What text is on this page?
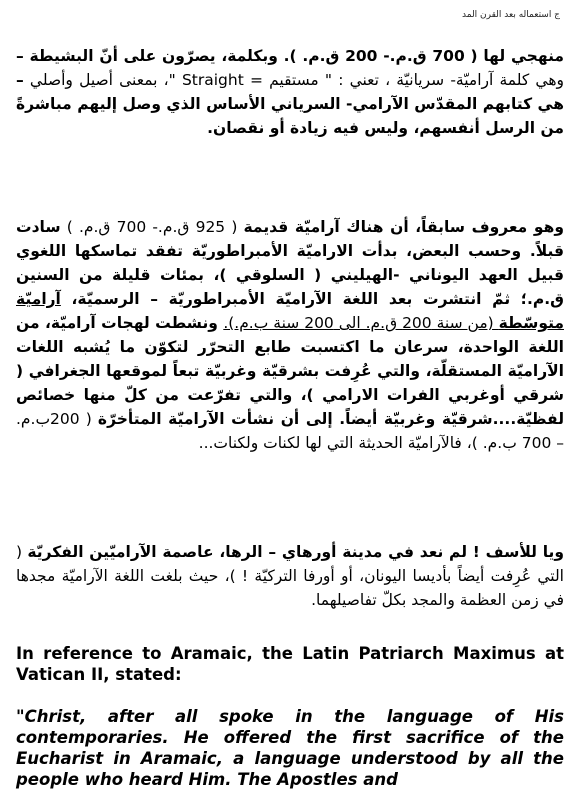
ج استعماله بعد القرن المد

منهجي لها ( 700 ق.م.- 200 ق.م. ). وبكلمة، يصرّون على أنّ البشيطة – وهي كلمة آراميّة- سريانيّة ، تعني : " مستقيم = Straight "، بمعنى أصيل وأصلي – هي كتابهم المقدّس الآرامي- السرياني الأساس الذي وصل إليهم مباشرةً من الرسل أنفسهم، وليس فيه زيادة أو نقصان.

وهو معروف سابقاً، أن هناك آراميّة قديمة ( 925 ق.م.- 700 ق.م. ) سادت قبلاً. وحسب البعض، بدأت الاراميّة الأمبراطوريّة تفقد تماسكها اللغوي قبيل العهد اليوناني -الهيليني ( السلوقي )، بمئات قليلة من السنين ق.م.؛ ثمّ انتشرت بعد اللغة الآراميّة الأمبراطوريّة – الرسميّة، آراميّة متوسّطة (من سنة 200 ق.م. الى 200 سنة ب.م.). ونشطت لهجات آراميّة، من اللغة الواحدة، سرعان ما اكتسبت طابع التحرّر لتكوّن ما يُشبه اللغات الآراميّة المستقلّة، والتي عُرِفت بشرقيّة وغربيّة تبعاً لموقعها الجغرافي ( شرقي أوغربي الفرات الارامي )، والتي تفرّعت من كلّ منها خصائص لفظيّة....شرقيّة وغربيّة أيضاً. إلى أن نشأت الآراميّة المتأخرّة ( 200ب.م. – 700 ب.م. )، فالآراميّة الحديثة التي لها لكنات ولكنات...

ويا للأسف ! لم نعد في مدينة أورهاي – الرها، عاصمة الآراميّين الفكريّة ( التي عُرِفت أيضاً بأديسا اليونان، أو أورفا التركيّة ! )، حيث بلغت اللغة الآراميّة مجدها في زمن العظمة والمجد بكلّ تفاصيلهما.

In reference to Aramaic, the Latin Patriarch Maximus at Vatican II, stated:

"Christ, after all spoke in the language of His contemporaries. He offered the first sacrifice of the Eucharist in Aramaic, a language understood by all the people who heard Him. The Apostles and
